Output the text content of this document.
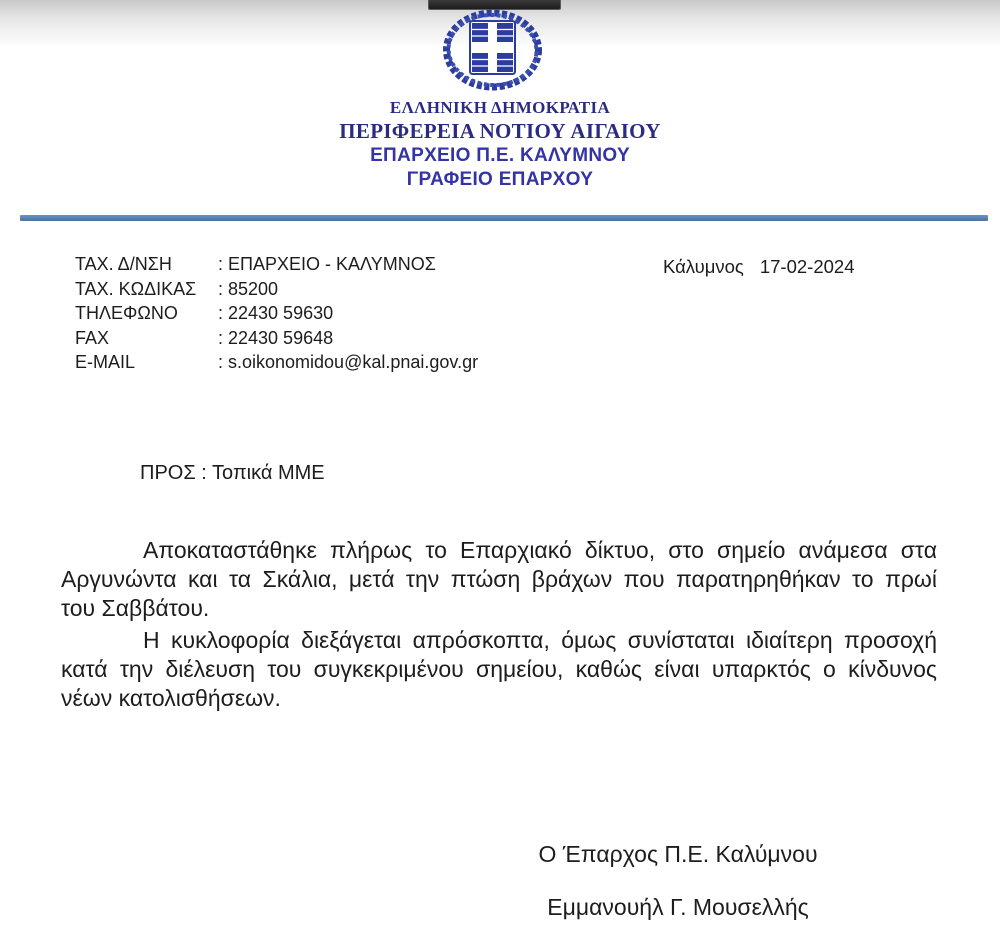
ΕΛΛΗΝΙΚΗ ΔΗΜΟΚΡΑΤΙΑ
ΠΕΡΙΦΕΡΕΙΑ ΝΟΤΙΟΥ ΑΙΓΑΙΟΥ
ΕΠΑΡΧΕΙΟ Π.Ε. ΚΑΛΥΜΝΟΥ
ΓΡΑΦΕΙΟ ΕΠΑΡΧΟΥ
ΤΑΧ. Δ/ΝΣΗ	: ΕΠΑΡΧΕΙΟ - ΚΑΛΥΜΝΟΣ
ΤΑΧ. ΚΩΔΙΚΑΣ	: 85200
ΤΗΛΕΦΩΝΟ	: 22430 59630
FAX	: 22430 59648
E-MAIL	: s.oikonomidou@kal.pnai.gov.gr
Κάλυμνος 17-02-2024
ΠΡΟΣ : Τοπικά ΜΜΕ
Αποκαταστάθηκε πλήρως το Επαρχιακό δίκτυο, στο σημείο ανάμεσα στα
Αργυνώντα και τα Σκάλια, μετά την πτώση βράχων που παρατηρηθήκαν το πρωί
του Σαββάτου.
Η κυκλοφορία διεξάγεται απρόσκοπτα, όμως συνίσταται ιδιαίτερη προσοχή
κατά την διέλευση του συγκεκριμένου σημείου, καθώς είναι υπαρκτός ο κίνδυνος
νέων κατολισθήσεων.
Ο Έπαρχος Π.Ε. Καλύμνου
Εμμανουήλ Γ. Μουσελλής
